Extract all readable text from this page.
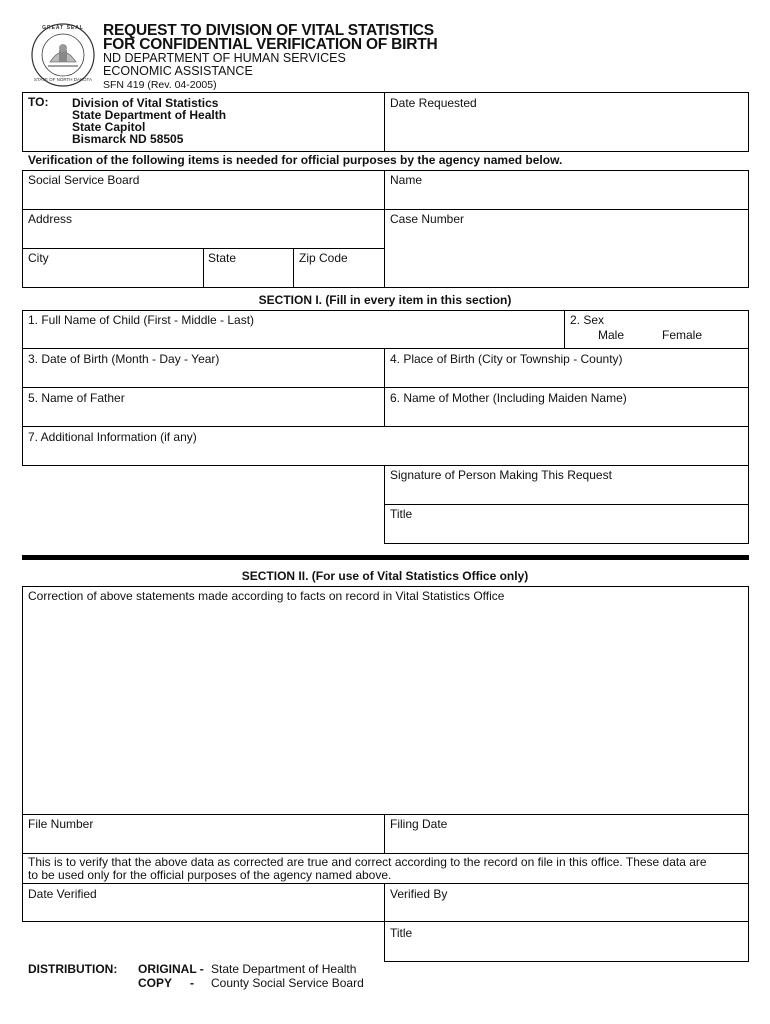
GREAT SEAL
STATE OF NORTH DAKOTA
REQUEST TO DIVISION OF VITAL STATISTICS
FOR CONFIDENTIAL VERIFICATION OF BIRTH
ND DEPARTMENT OF HUMAN SERVICES
ECONOMIC ASSISTANCE
SFN 419 (Rev. 04-2005)
TO: Division of Vital Statistics
State Department of Health
State Capitol
Bismarck ND 58505
Date Requested
Verification of the following items is needed for official purposes by the agency named below.
Social Service Board	Name
Address	Case Number
City	State	Zip Code
SECTION I. (Fill in every item in this section)
1. Full Name of Child (First - Middle - Last)	2. Sex
Male	Female
3. Date of Birth (Month - Day - Year)	4. Place of Birth (City or Township - County)
5. Name of Father	6. Name of Mother (Including Maiden Name)
7. Additional Information (if any)
Signature of Person Making This Request
Title
SECTION II. (For use of Vital Statistics Office only)
Correction of above statements made according to facts on record in Vital Statistics Office
File Number	Filing Date
This is to verify that the above data as corrected are true and correct according to the record on file in this office. These data are
to be used only for the official purposes of the agency named above.
Date Verified	Verified By
Title
DISTRIBUTION: ORIGINAL - State Department of Health
COPY - County Social Service Board
